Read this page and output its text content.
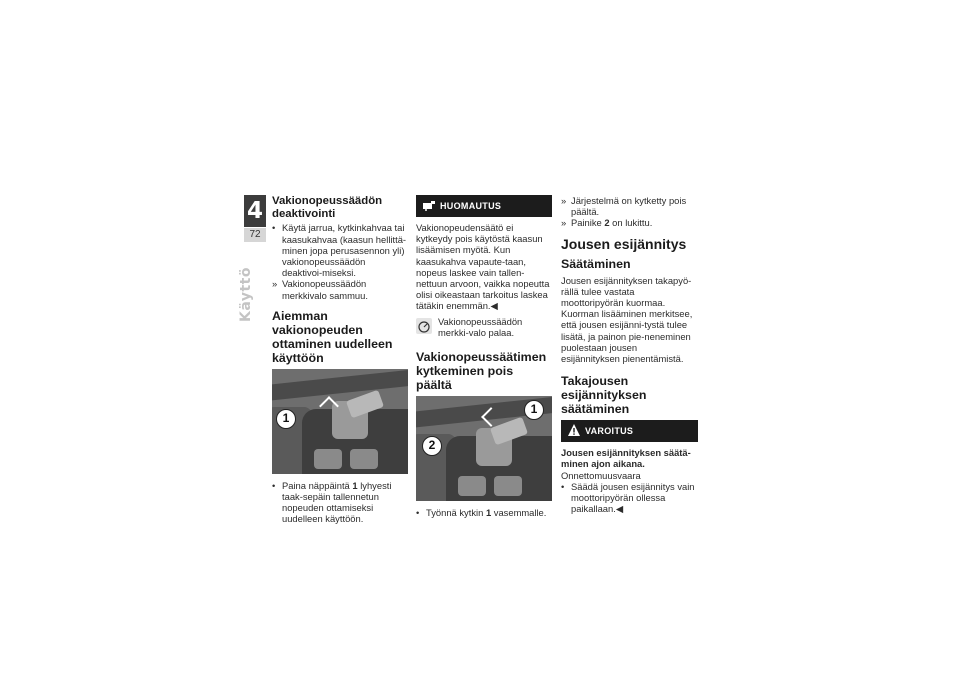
4
72
Käyttö
Vakionopeussäädön deaktivointi
• Käytä jarrua, kytkinkahvaa tai kaasukahvaa (kaasun hellittä-minen jopa perusasennon yli) vakionopeussäädön deaktivoi-miseksi.
» Vakionopeussäädön merkkivalo sammuu.
Aiemman vakionopeuden ottaminen uudelleen käyttöön
1
• Paina näppäintä 1 lyhyesti taak-sepäin tallennetun nopeuden ottamiseksi uudelleen käyttöön.
HUOMAUTUS
Vakionopeudensäätö ei kytkeydy pois käytöstä kaasun lisäämisen myötä. Kun kaasukahva vapaute-taan, nopeus laskee vain tallen-nettuun arvoon, vaikka nopeutta olisi oikeastaan tarkoitus laskea tätäkin enemmän.◀
Vakionopeussäädön merkki-valo palaa.
Vakionopeussäätimen kytkeminen pois päältä
1
2
• Työnnä kytkin 1 vasemmalle.
» Järjestelmä on kytketty pois päältä.
» Painike 2 on lukittu.
Jousen esijännitys
Säätäminen
Jousen esijännityksen takapyö-rällä tulee vastata moottoripyörän kuormaa. Kuorman lisääminen merkitsee, että jousen esijänni-tystä tulee lisätä, ja painon pie-neneminen puolestaan jousen esijännityksen pienentämistä.
Takajousen esijännityksen säätäminen
VAROITUS
Jousen esijännityksen säätä-minen ajon aikana.
Onnettomuusvaara
• Säädä jousen esijännitys vain moottoripyörän ollessa paikallaan.◀
